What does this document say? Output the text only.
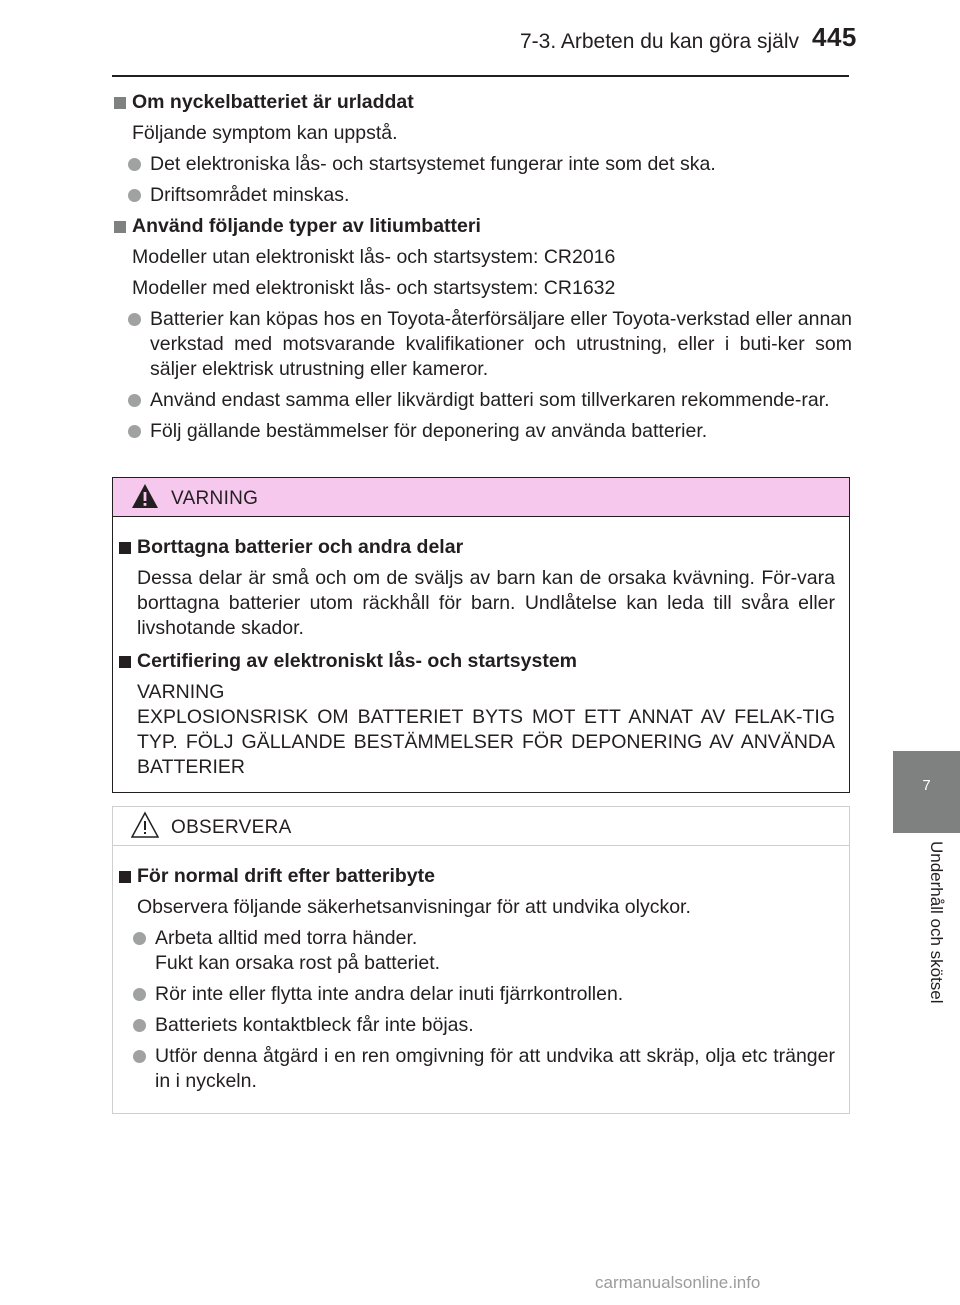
7-3. Arbeten du kan göra själv 445
7
Underhåll och skötsel
Om nyckelbatteriet är urladdat
Följande symptom kan uppstå.
Det elektroniska lås- och startsystemet fungerar inte som det ska.
Driftsområdet minskas.
Använd följande typer av litiumbatteri
Modeller utan elektroniskt lås- och startsystem: CR2016
Modeller med elektroniskt lås- och startsystem: CR1632
Batterier kan köpas hos en Toyota-återförsäljare eller Toyota-verkstad eller annan verkstad med motsvarande kvalifikationer och utrustning, eller i buti-ker som säljer elektrisk utrustning eller kameror.
Använd endast samma eller likvärdigt batteri som tillverkaren rekommende-rar.
Följ gällande bestämmelser för deponering av använda batterier.
VARNING
Borttagna batterier och andra delar
Dessa delar är små och om de sväljs av barn kan de orsaka kvävning. För-vara borttagna batterier utom räckhåll för barn. Undlåtelse kan leda till svåra eller livshotande skador.
Certifiering av elektroniskt lås- och startsystem
VARNING
EXPLOSIONSRISK OM BATTERIET BYTS MOT ETT ANNAT AV FELAK-TIG TYP. FÖLJ GÄLLANDE BESTÄMMELSER FÖR DEPONERING AV ANVÄNDA BATTERIER
OBSERVERA
För normal drift efter batteribyte
Observera följande säkerhetsanvisningar för att undvika olyckor.
Arbeta alltid med torra händer.
Fukt kan orsaka rost på batteriet.
Rör inte eller flytta inte andra delar inuti fjärrkontrollen.
Batteriets kontaktbleck får inte böjas.
Utför denna åtgärd i en ren omgivning för att undvika att skräp, olja etc tränger in i nyckeln.
carmanualsonline.info
